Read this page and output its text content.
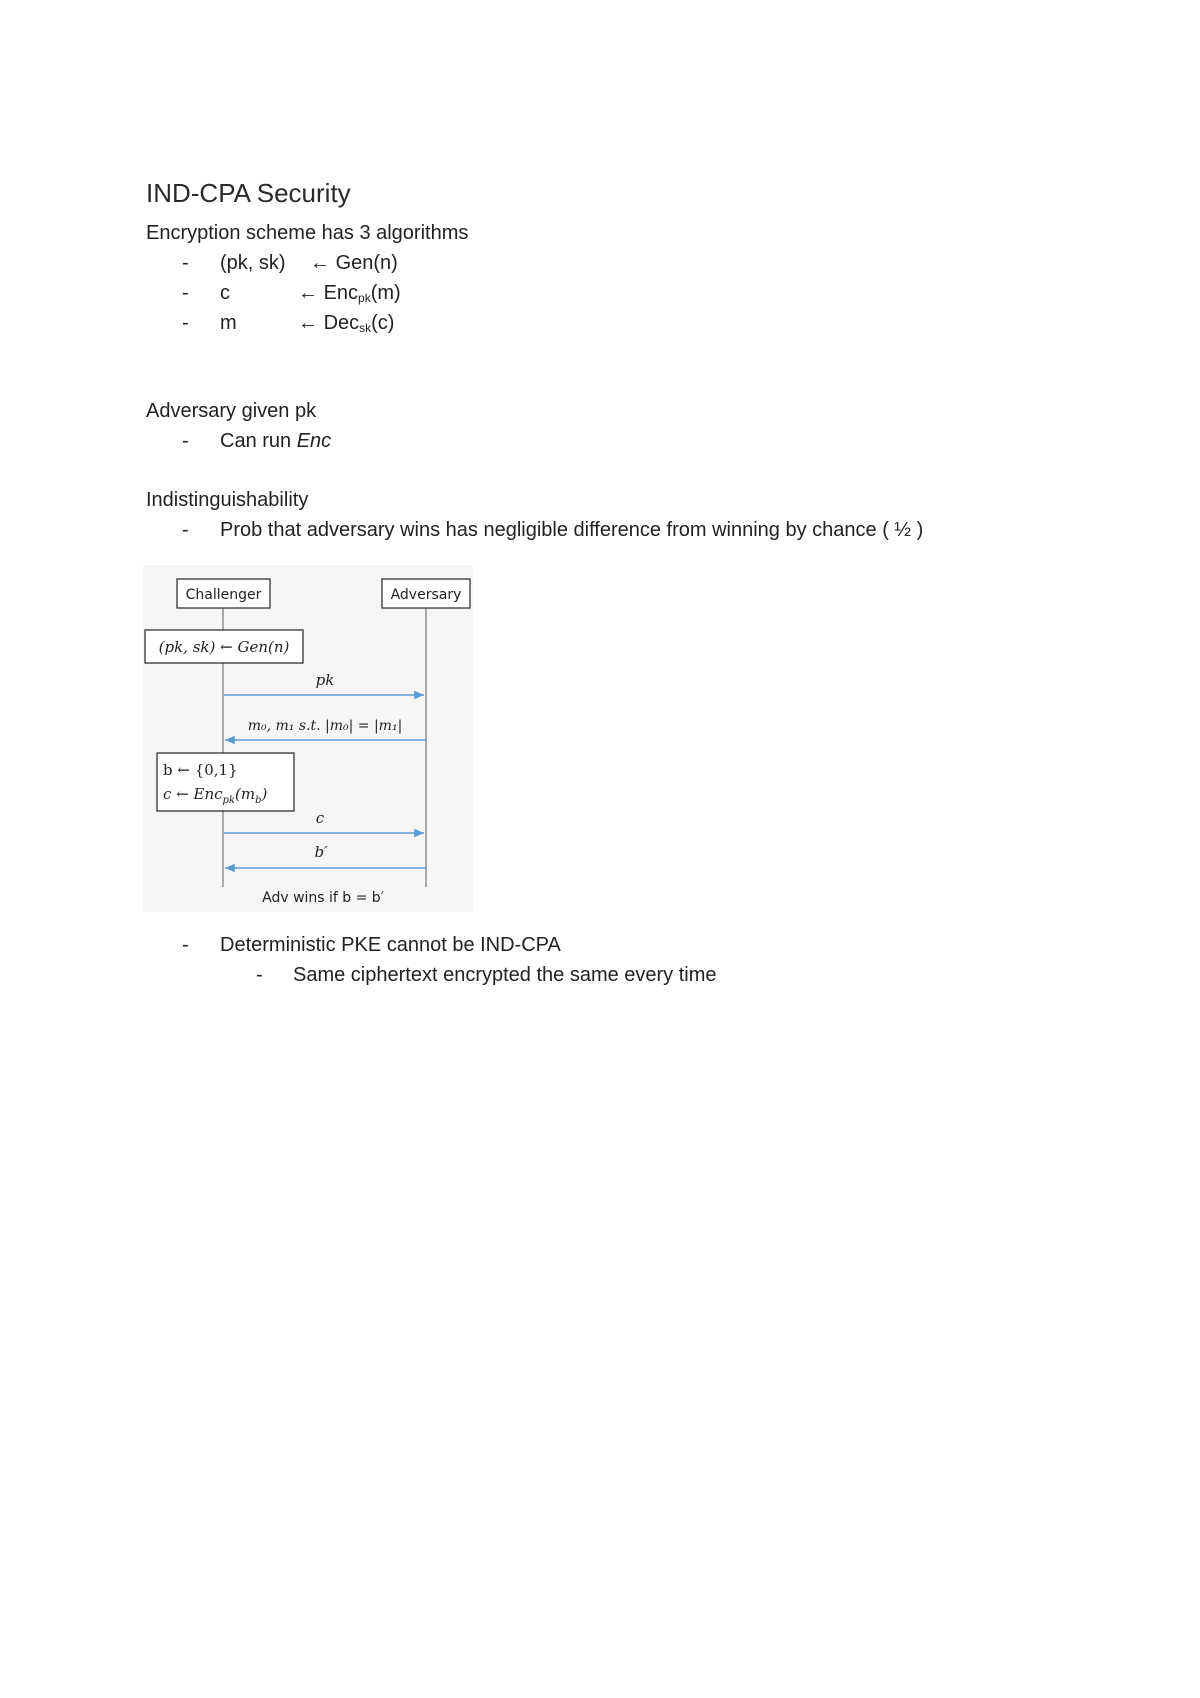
IND-CPA Security
Encryption scheme has 3 algorithms
- (pk, sk) ← Gen(n)
- c	← Enc$_{pk}$(m)
- m	← Dec$_{sk}$(c)
Adversary given pk
- Can run Enc
Indistinguishability
- Prob that adversary wins has negligible difference from winning by chance ( ½ )
Challenger	Adversary
(pk, sk) ← Gen(n)
pk
m₀, m₁ s.t. |m₀| = |m₁|
b ← {0,1}
c ← $Enc_{pk}(m_b)$
c
b′
Adv wins if b = b′
- Deterministic PKE cannot be IND-CPA
- Same ciphertext encrypted the same every time
